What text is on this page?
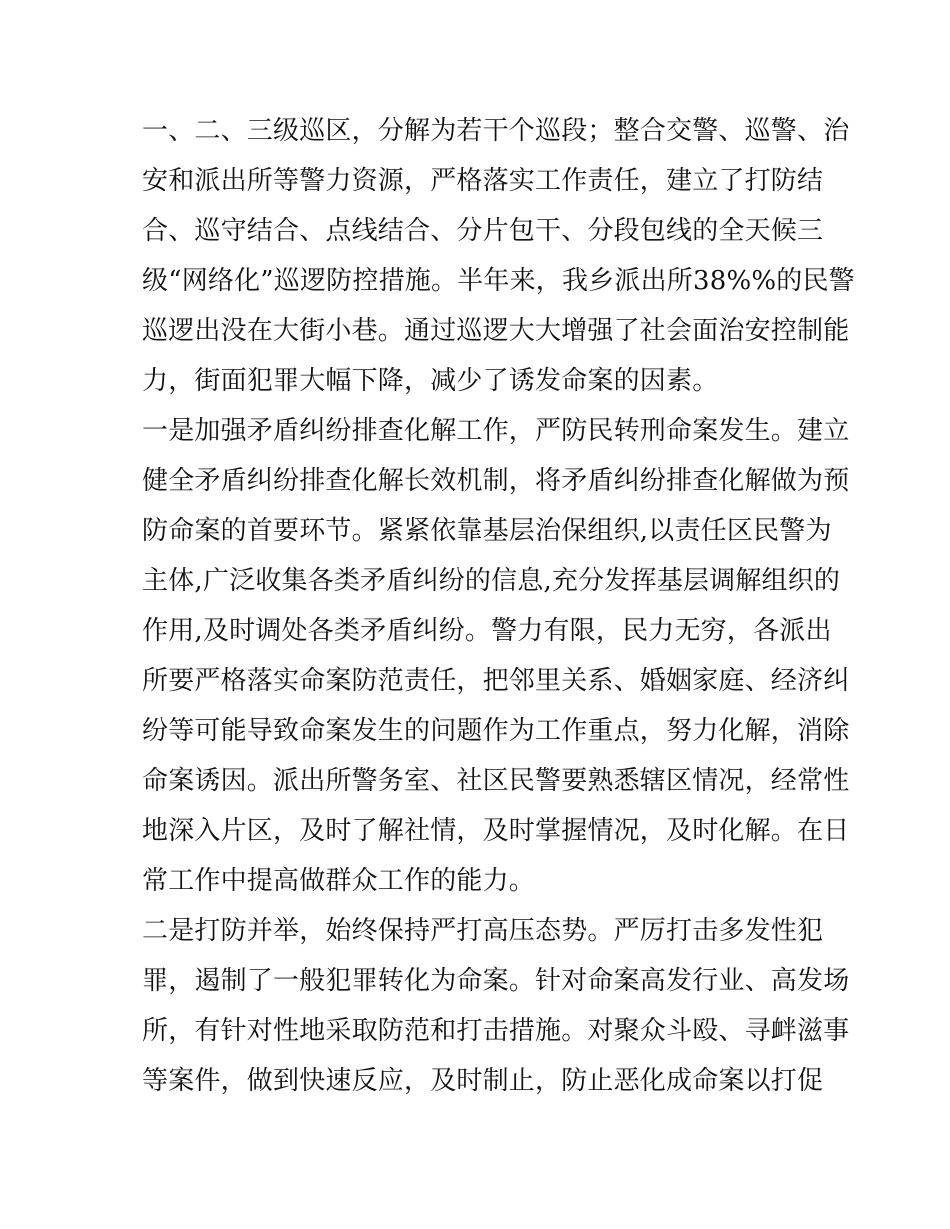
一、二、三级巡区，分解为若干个巡段；整合交警、巡警、治
安和派出所等警力资源，严格落实工作责任，建立了打防结
合、巡守结合、点线结合、分片包干、分段包线的全天候三
级“网络化”巡逻防控措施。半年来，我乡派出所38%%的民警
巡逻出没在大街小巷。通过巡逻大大增强了社会面治安控制能
力，街面犯罪大幅下降，减少了诱发命案的因素。
一是加强矛盾纠纷排查化解工作，严防民转刑命案发生。建立
健全矛盾纠纷排查化解长效机制，将矛盾纠纷排查化解做为预
防命案的首要环节。紧紧依靠基层治保组织,以责任区民警为
主体,广泛收集各类矛盾纠纷的信息,充分发挥基层调解组织的
作用,及时调处各类矛盾纠纷。警力有限，民力无穷，各派出
所要严格落实命案防范责任，把邻里关系、婚姻家庭、经济纠
纷等可能导致命案发生的问题作为工作重点，努力化解，消除
命案诱因。派出所警务室、社区民警要熟悉辖区情况，经常性
地深入片区，及时了解社情，及时掌握情况，及时化解。在日
常工作中提高做群众工作的能力。
二是打防并举，始终保持严打高压态势。严厉打击多发性犯
罪，遏制了一般犯罪转化为命案。针对命案高发行业、高发场
所，有针对性地采取防范和打击措施。对聚众斗殴、寻衅滋事
等案件，做到快速反应，及时制止，防止恶化成命案以打促
